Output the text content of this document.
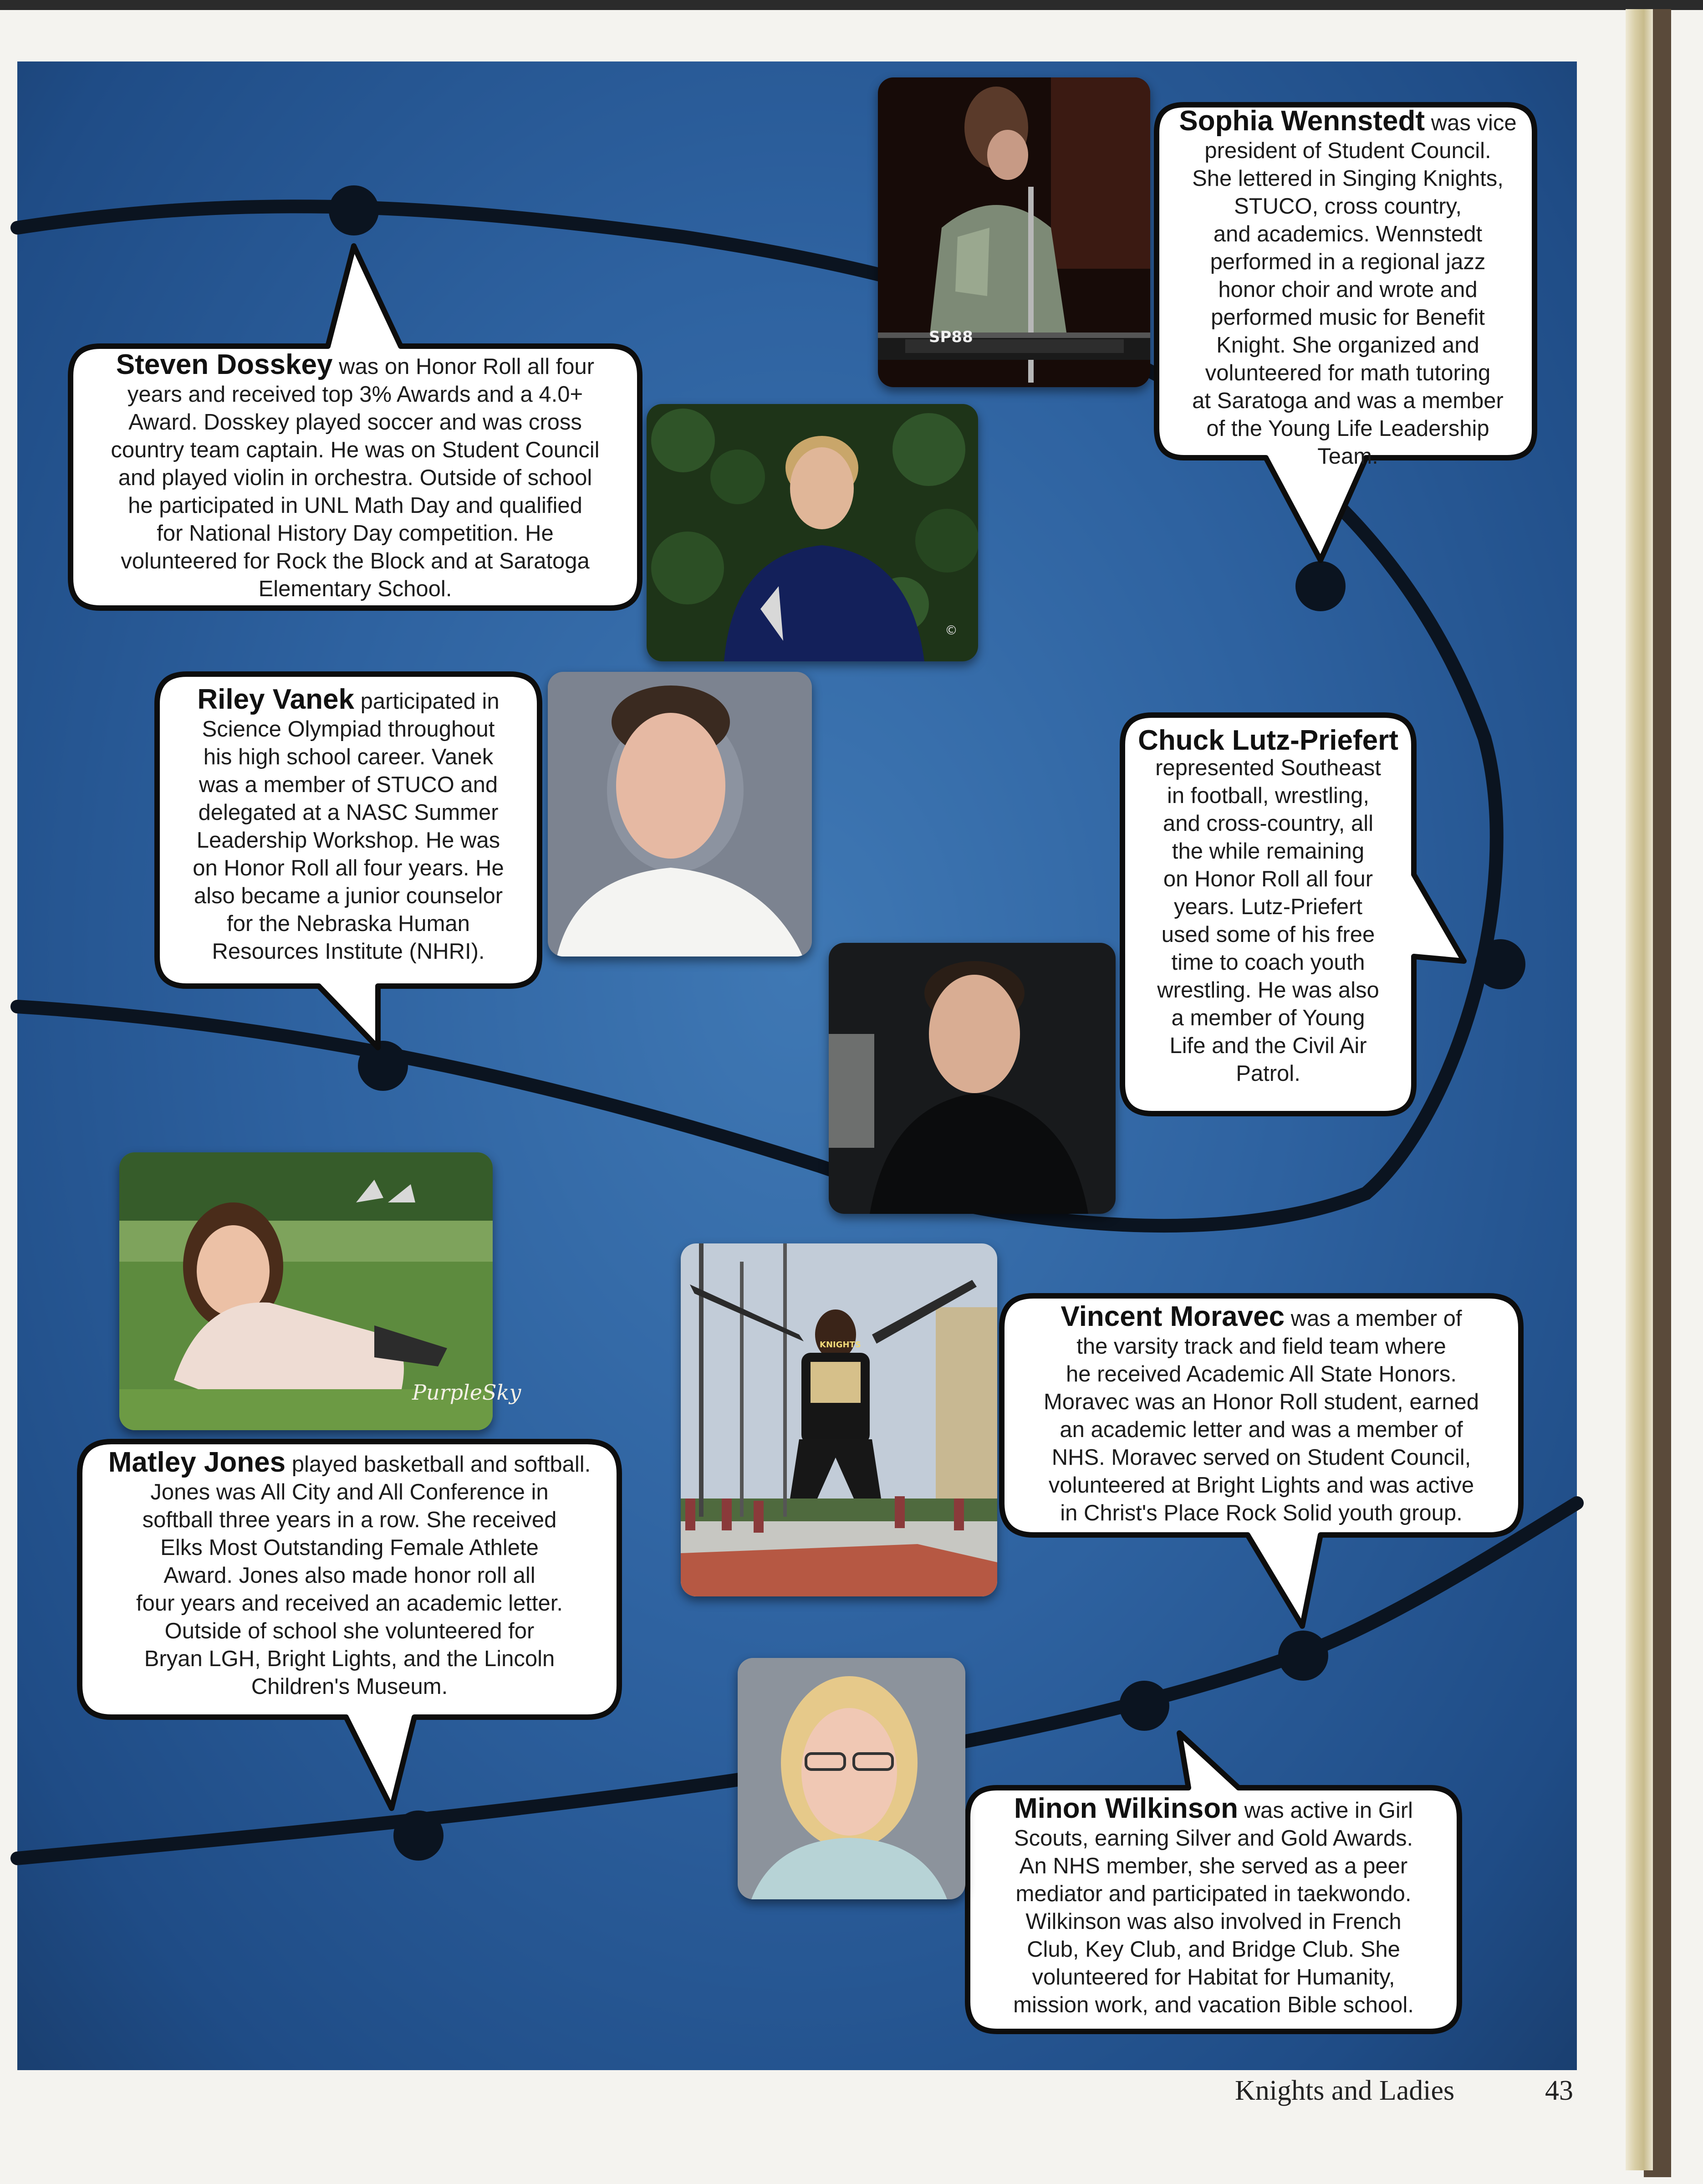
SP88
©
PurpleSky
KNIGHTS
Sophia Wennstedt was vice
president of Student Council.
She lettered in Singing Knights,
STUCO, cross country,
and academics. Wennstedt
performed in a regional jazz
honor choir and wrote and
performed music for Benefit
Knight. She organized and
volunteered for math tutoring
at Saratoga and was a member
of the Young Life Leadership
Team.
Steven Dosskey was on Honor Roll all four
years and received top 3% Awards and a 4.0+
Award. Dosskey played soccer and was cross
country team captain. He was on Student Council
and played violin in orchestra. Outside of school
he participated in UNL Math Day and qualified
for National History Day competition. He
volunteered for Rock the Block and at Saratoga
Elementary School.
Riley Vanek participated in
Science Olympiad throughout
his high school career. Vanek
was a member of STUCO and
delegated at a NASC Summer
Leadership Workshop. He was
on Honor Roll all four years. He
also became a junior counselor
for the Nebraska Human
Resources Institute (NHRI).
Chuck Lutz-Priefert
represented Southeast
in football, wrestling,
and cross-country, all
the while remaining
on Honor Roll all four
years. Lutz-Priefert
used some of his free
time to coach youth
wrestling. He was also
a member of Young
Life and the Civil Air
Patrol.
Vincent Moravec was a member of
the varsity track and field team where
he received Academic All State Honors.
Moravec was an Honor Roll student, earned
an academic letter and was a member of
NHS. Moravec served on Student Council,
volunteered at Bright Lights and was active
in Christ's Place Rock Solid youth group.
Matley Jones played basketball and softball.
Jones was All City and All Conference in
softball three years in a row. She received
Elks Most Outstanding Female Athlete
Award. Jones also made honor roll all
four years and received an academic letter.
Outside of school she volunteered for
Bryan LGH, Bright Lights, and the Lincoln
Children's Museum.
Minon Wilkinson was active in Girl
Scouts, earning Silver and Gold Awards.
An NHS member, she served as a peer
mediator and participated in taekwondo.
Wilkinson was also involved in French
Club, Key Club, and Bridge Club. She
volunteered for Habitat for Humanity,
mission work, and vacation Bible school.
Knights and Ladies	43
